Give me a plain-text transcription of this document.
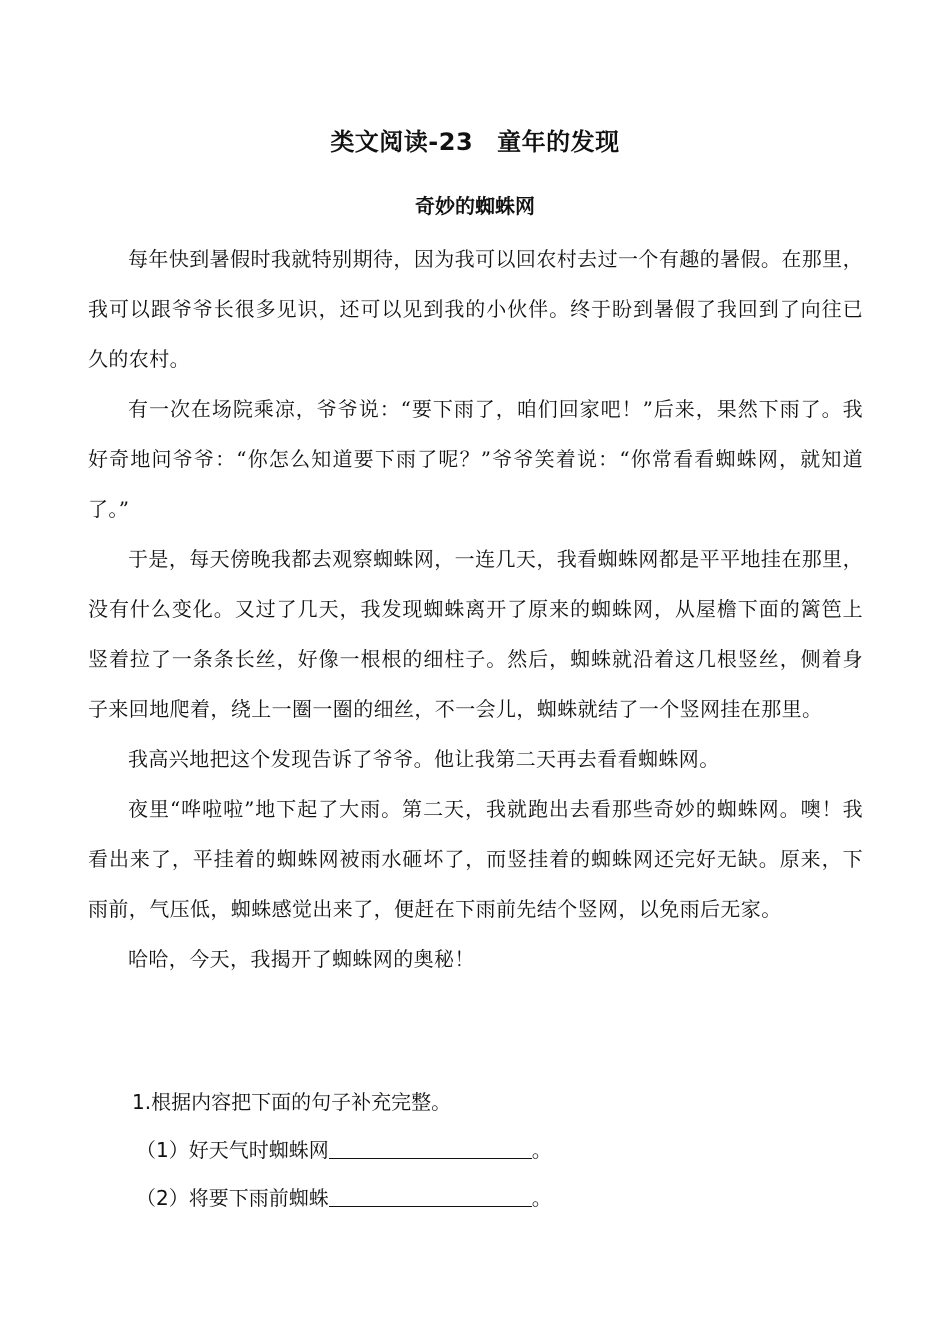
类文阅读-23 童年的发现
奇妙的蜘蛛网

每年快到暑假时我就特别期待，因为我可以回农村去过一个有趣的暑假。在那里，我可以跟爷爷长很多见识，还可以见到我的小伙伴。终于盼到暑假了我回到了向往已久的农村。

有一次在场院乘凉，爷爷说：“要下雨了，咱们回家吧！”后来，果然下雨了。我好奇地问爷爷：“你怎么知道要下雨了呢？”爷爷笑着说：“你常看看蜘蛛网，就知道了。”

于是，每天傍晚我都去观察蜘蛛网，一连几天，我看蜘蛛网都是平平地挂在那里，没有什么变化。又过了几天，我发现蜘蛛离开了原来的蜘蛛网，从屋檐下面的篱笆上竖着拉了一条条长丝，好像一根根的细柱子。然后，蜘蛛就沿着这几根竖丝，侧着身子来回地爬着，绕上一圈一圈的细丝，不一会儿，蜘蛛就结了一个竖网挂在那里。

我高兴地把这个发现告诉了爷爷。他让我第二天再去看看蜘蛛网。

夜里“哗啦啦”地下起了大雨。第二天，我就跑出去看那些奇妙的蜘蛛网。噢！我看出来了，平挂着的蜘蛛网被雨水砸坏了，而竖挂着的蜘蛛网还完好无缺。原来，下雨前，气压低，蜘蛛感觉出来了，便赶在下雨前先结个竖网，以免雨后无家。

哈哈，今天，我揭开了蜘蛛网的奥秘！

1.根据内容把下面的句子补充完整。

（1）好天气时蜘蛛网	。

（2）将要下雨前蜘蛛	。
